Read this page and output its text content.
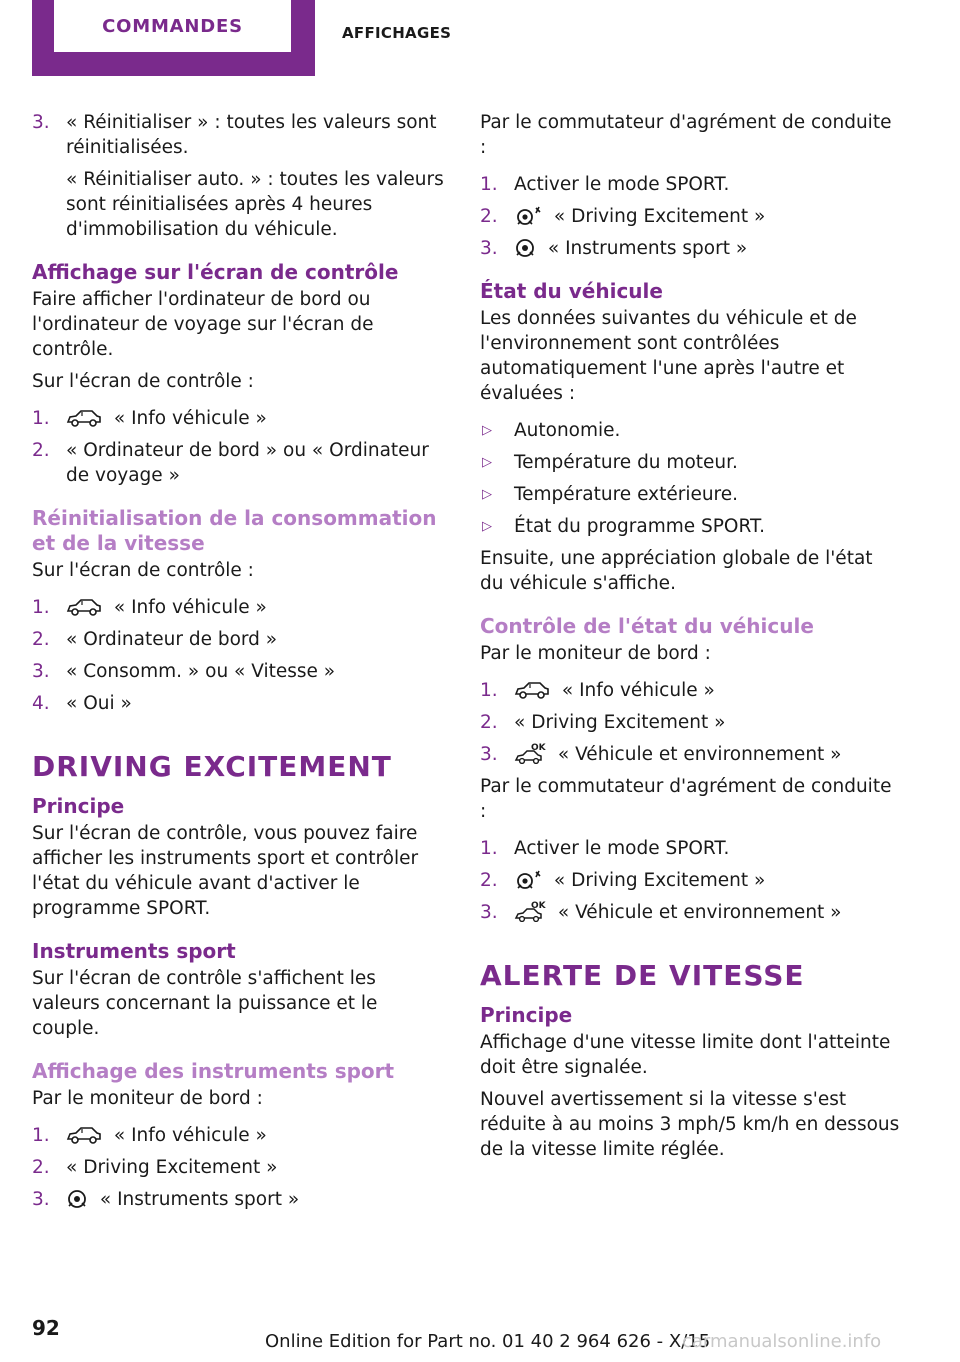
COMMANDES	AFFICHAGES
3. « Réinitialiser » : toutes les valeurs sont réinitialisées.

« Réinitialiser auto. » : toutes les valeurs sont réinitialisées après 4 heures d'immobilisation du véhicule.

Affichage sur l'écran de contrôle

Faire afficher l'ordinateur de bord ou l'ordinateur de voyage sur l'écran de contrôle.

Sur l'écran de contrôle :

1.	« Info véhicule »
2. « Ordinateur de bord » ou « Ordinateur de voyage »
Réinitialisation de la consommation et de la vitesse

Sur l'écran de contrôle :

1.	« Info véhicule »
2. « Ordinateur de bord »
3. « Consomm. » ou « Vitesse »
4. « Oui »
DRIVING EXCITEMENT
Principe

Sur l'écran de contrôle, vous pouvez faire afficher les instruments sport et contrôler l'état du véhicule avant d'activer le programme SPORT.

Instruments sport

Sur l'écran de contrôle s'affichent les valeurs concernant la puissance et le couple.

Affichage des instruments sport

Par le moniteur de bord :

1.	« Info véhicule »
2. « Driving Excitement »
3.	« Instruments sport »

Par le commutateur d'agrément de conduite :

1. Activer le mode SPORT.
2.	« Driving Excitement »
3.	« Instruments sport »
État du véhicule

Les données suivantes du véhicule et de l'environnement sont contrôlées automatiquement l'une après l'autre et évaluées :

▷ Autonomie.
▷ Température du moteur.
▷ Température extérieure.
▷ État du programme SPORT.

Ensuite, une appréciation globale de l'état du véhicule s'affiche.

Contrôle de l'état du véhicule

Par le moniteur de bord :

1.	« Info véhicule »
2. « Driving Excitement »
3.	OK « Véhicule et environnement »

Par le commutateur d'agrément de conduite :

1. Activer le mode SPORT.
2.	« Driving Excitement »
3.	OK « Véhicule et environnement »
ALERTE DE VITESSE
Principe

Affichage d'une vitesse limite dont l'atteinte doit être signalée.

Nouvel avertissement si la vitesse s'est réduite à au moins 3 mph/5 km/h en dessous de la vitesse limite réglée.

92
Online Edition for Part no. 01 40 2 964 626 - X/15
carmanualsonline.info
